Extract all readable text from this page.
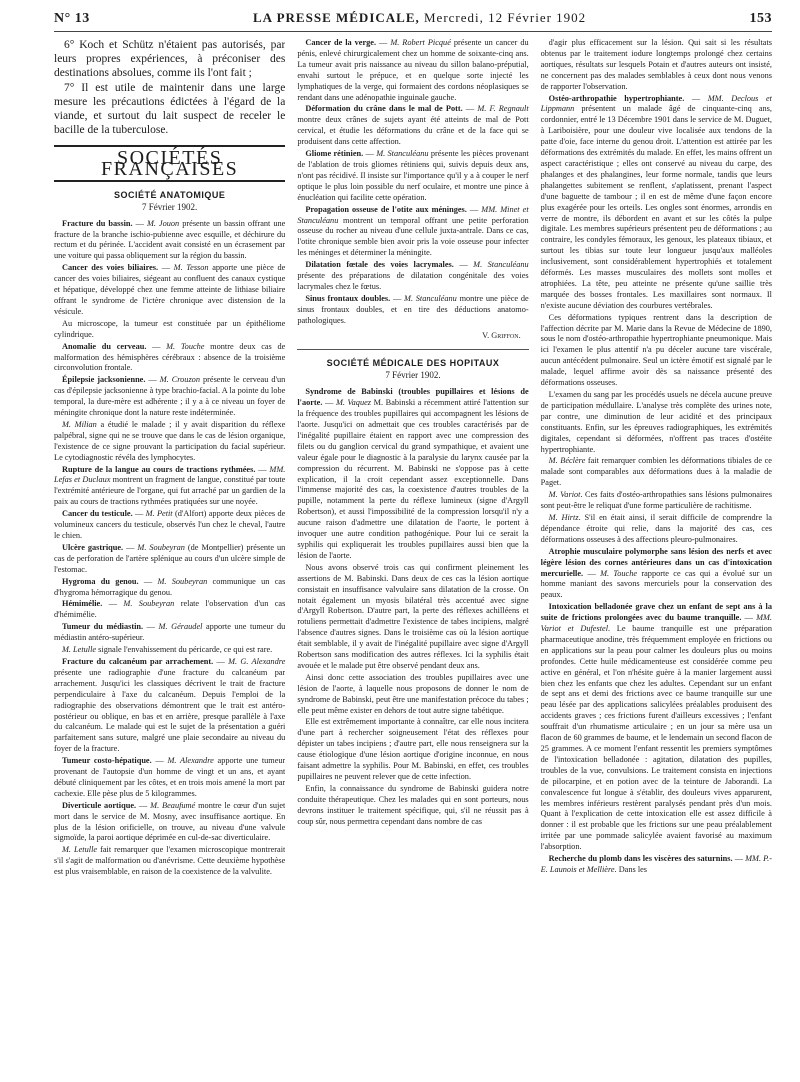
N° 13	LA PRESSE MÉDICALE, Mercredi, 12 Février 1902	153

6° Koch et Schütz n'étaient pas autorisés, par leurs propres expériences, à préconiser des destinations absolues, comme ils l'ont fait ;

7° Il est utile de maintenir dans une large mesure les précautions édictées à l'égard de la viande, et surtout du lait suspect de receler le bacille de la tuberculose.

SOCIÉTÉS FRANÇAISES
SOCIÉTÉ ANATOMIQUE
7 Février 1902.

Fracture du bassin. — M. Jouon présente un bassin offrant une fracture de la branche ischio-pubienne avec esquille, et déchirure du rectum et du périnée. L'accident avait consisté en un écrasement par une voiture qui passa obliquement sur la région du bassin.

Cancer des voies biliaires. — M. Tesson apporte une pièce de cancer des voies biliaires, siégeant au confluent des canaux cystique et hépatique, développé chez une femme atteinte de lithiase biliaire offrant le syndrome de l'ictère chronique avec distension de la vésicule.

Au microscope, la tumeur est constituée par un épithéliome cylindrique.

Anomalie du cerveau. — M. Touche montre deux cas de malformation des hémisphères cérébraux : absence de la troisième circonvolution frontale.

Épilepsie jacksonienne. — M. Crouzon présente le cerveau d'un cas d'épilepsie jacksonienne à type brachio-facial. A la pointe du lobe temporal, la dure-mère est adhérente ; il y a à ce niveau un foyer de méningite chronique dont la nature reste indéterminée.

M. Milian a étudié le malade ; il y avait disparition du réflexe palpébral, signe qui ne se trouve que dans le cas de lésion organique, l'existence de ce signe prouvant la participation du facial supérieur. Le cytodiagnostic révéla des lymphocytes.

Rupture de la langue au cours de tractions rythmées. — MM. Lefas et Duclaux montrent un fragment de langue, constitué par toute l'extrémité antérieure de l'organe, qui fut arraché par un gardien de la paix au cours de tractions rythmées pratiquées sur une noyée.

Cancer du testicule. — M. Petit (d'Alfort) apporte deux pièces de volumineux cancers du testicule, observés l'un chez le cheval, l'autre le chien.

Ulcère gastrique. — M. Soubeyran (de Montpellier) présente un cas de perforation de l'artère splénique au cours d'un ulcère simple de l'estomac.

Hygroma du genou. — M. Soubeyran communique un cas d'hygroma hémorragique du genou.

Hémimélie. — M. Soubeyran relate l'observation d'un cas d'hémimélie.

Tumeur du médiastin. — M. Géraudel apporte une tumeur du médiastin antéro-supérieur.

M. Letulle signale l'envahissement du péricarde, ce qui est rare.

Fracture du calcanéum par arrachement. — M. G. Alexandre présente une radiographie d'une fracture du calcanéum par arrachement. Jusqu'ici les classiques décrivent le trait de fracture perpendiculaire à l'axe du calcanéum. Depuis l'emploi de la radiographie des observations démontrent que le trait est antéro-postérieur ou oblique, en bas et en arrière, presque parallèle à l'axe du calcanéum. Le malade qui est le sujet de la présentation a guéri parfaitement sans suture, malgré une plaie secondaire au niveau du foyer de la fracture.

Tumeur costo-hépatique. — M. Alexandre apporte une tumeur provenant de l'autopsie d'un homme de vingt et un ans, et ayant débuté cliniquement par les côtes, et en trois mois amené la mort par cachexie. Elle pèse plus de 5 kilogrammes.

Diverticule aortique. — M. Beaufumé montre le cœur d'un sujet mort dans le service de M. Mosny, avec insuffisance aortique. En plus de la lésion orificielle, on trouve, au niveau d'une valvule sigmoïde, la paroi aortique déprimée en cul-de-sac diverticulaire.

M. Letulle fait remarquer que l'examen microscopique montrerait s'il s'agit de malformation ou d'anévrisme. Cette deuxième hypothèse est plus vraisemblable, en raison de la coexistence de la valvulite.

Cancer de la verge. — M. Robert Picqué présente un cancer du pénis, enlevé chirurgicalement chez un homme de soixante-cinq ans. La tumeur avait pris naissance au niveau du sillon balano-préputial, envahi surtout le prépuce, et en quelque sorte injecté les lymphatiques de la verge, qui formaient des cordons néoplasiques se rendant dans une adénopathie inguinale gauche.

Déformation du crâne dans le mal de Pott. — M. F. Regnault montre deux crânes de sujets ayant été atteints de mal de Pott cervical, et étudie les déformations du crâne et de la face qui se produisent dans cette affection.

Gliome rétinien. — M. Stanculéanu présente les pièces provenant de l'ablation de trois gliomes rétiniens qui, suivis depuis deux ans, n'ont pas récidivé. Il insiste sur l'importance qu'il y a à couper le nerf optique le plus loin possible du nerf oculaire, et montre une pince à énucléation qui facilite cette opération.

Propagation osseuse de l'otite aux méninges. — MM. Minet et Stanculéanu montrent un temporal offrant une petite perforation osseuse du rocher au niveau d'une cellule juxta-antrale. Dans ce cas, l'otite chronique semble bien avoir pris la voie osseuse pour infecter les méninges et déterminer la méningite.

Dilatation fœtale des voies lacrymales. — M. Stanculéanu présente des préparations de dilatation congénitale des voies lacrymales chez le fœtus.

Sinus frontaux doubles. — M. Stanculéanu montre une pièce de sinus frontaux doubles, et en tire des déductions anatomo-pathologiques.

V. Griffon.
SOCIÉTÉ MÉDICALE DES HOPITAUX
7 Février 1902.

Syndrome de Babinski (troubles pupillaires et lésions de l'aorte. — M. Vaquez M. Babinski a récemment attiré l'attention sur la fréquence des troubles pupillaires qui accompagnent les lésions de l'aorte. Jusqu'ici on admettait que ces troubles caractérisés par de l'inégalité pupillaire étaient en rapport avec une compression des filets ou du ganglion cervical du grand sympathique, et avaient une valeur égale pour le diagnostic à la paralysie du larynx causée par la compression du récurrent. M. Babinski ne s'oppose pas à cette explication, il la croit cependant assez exceptionnelle. Dans l'immense majorité des cas, la coexistence d'autres troubles de la pupille, notamment la perte du réflexe lumineux (signe d'Argyll Robertson), et aussi l'impossibilité de la compression lorsqu'il n'y a aucune raison d'admettre une dilatation de l'aorte, le portent à invoquer une autre condition pathogénique. Pour lui ce serait la syphilis qui expliquerait les troubles pupillaires aussi bien que la lésion de l'aorte.

Nous avons observé trois cas qui confirment pleinement les assertions de M. Babinski. Dans deux de ces cas la lésion aortique consistait en insuffisance valvulaire sans dilatation de la crosse. On notait également un myosis bilatéral très accentué avec signe d'Argyll Robertson. D'autre part, la perte des réflexes achilléens et rotuliens permettait d'admettre l'existence de tabes incipiens, malgré l'absence d'autres signes. Dans le troisième cas où la lésion aortique était semblable, il y avait de l'inégalité pupillaire avec signe d'Argyll Robertson sans modification des autres réflexes. Ici la syphilis était avouée et le malade put être observé pendant deux ans.

Ainsi donc cette association des troubles pupillaires avec une lésion de l'aorte, à laquelle nous proposons de donner le nom de syndrome de Babinski, peut être une manifestation précoce du tabes ; elle peut même exister en dehors de tout autre signe tabétique.

Elle est extrêmement importante à connaître, car elle nous incitera d'une part à rechercher soigneusement l'état des réflexes pour dépister un tabes incipiens ; d'autre part, elle nous renseignera sur la cause étiologique d'une lésion aortique d'origine inconnue, en nous faisant admettre la syphilis. Pour M. Babinski, en effet, ces troubles pupillaires ne peuvent relever que de cette infection.

Enfin, la connaissance du syndrome de Babinski guidera notre conduite thérapeutique. Chez les malades qui en sont porteurs, nous devrons instituer le traitement spécifique, qui, s'il ne réussit pas à coup sûr, nous permettra cependant dans nombre de cas

d'agir plus efficacement sur la lésion. Qui sait si les résultats obtenus par le traitement iodure longtemps prolongé chez certains aortiques, résultats sur lesquels Potain et d'autres auteurs ont insisté, ne concernent pas des malades semblables à ceux dont nous venons de rapporter l'observation.

Ostéo-arthropathie hypertrophiante. — MM. Declous et Lippmann présentent un malade âgé de cinquante-cinq ans, cordonnier, entré le 13 Décembre 1901 dans le service de M. Duguet, à Lariboisière, pour une douleur vive localisée aux tendons de la patte d'oie, face interne du genou droit. L'attention est attirée par les déformations des extrémités du malade. En effet, les mains offrent un aspect caractéristique ; elles ont conservé au niveau du carpe, des phalanges et des phalangines, leur forme normale, tandis que leurs phalangettes subitement se renflent, s'aplatissent, prenant l'aspect d'une baguette de tambour ; il en est de même d'une façon encore plus exagérée pour les orteils. Les ongles sont énormes, arrondis en verre de montre, ils débordent en avant et sur les côtés la pulpe digitale. Les membres supérieurs présentent peu de déformations ; au contraire, les condyles fémoraux, les genoux, les plateaux tibiaux, et surtout les tibias sur toute leur longueur jusqu'aux malléoles inclusivement, sont considérablement hypertrophiés et totalement déformés. Les masses musculaires des mollets sont molles et atrophiées. La tête, peu atteinte ne présente qu'une saillie très marquée des bosses frontales. Les maxillaires sont normaux. Il n'existe aucune déviation des courbures vertébrales.

Ces déformations typiques rentrent dans la description de l'affection décrite par M. Marie dans la Revue de Médecine de 1890, sous le nom d'ostéo-arthropathie hypertrophiante pneumonique. Mais ici l'examen le plus attentif n'a pu déceler aucune tare viscérale, aucun antécédent pulmonaire. Seul un ictère émotif est signalé par le malade, lequel affirme avoir dès sa naissance présenté des déformations osseuses.

L'examen du sang par les procédés usuels ne décela aucune preuve de participation médullaire. L'analyse très complète des urines note, par contre, une diminution de leur acidité et des principaux constituants. Enfin, sur les épreuves radiographiques, les extrémités digitales, cependant si déformées, n'offrent pas traces d'ostéite hypertrophiante.

M. Béclère fait remarquer combien les déformations tibiales de ce malade sont comparables aux déformations dues à la maladie de Paget.

M. Variot. Ces faits d'ostéo-arthropathies sans lésions pulmonaires sont peut-être le reliquat d'une forme particulière de rachitisme.

M. Hirtz. S'il en était ainsi, il serait difficile de comprendre la dépendance étroite qui relie, dans la majorité des cas, ces déformations osseuses à des affections pleuro-pulmonaires.

Atrophie musculaire polymorphe sans lésion des nerfs et avec légère lésion des cornes antérieures dans un cas d'intoxication mercurielle. — M. Touche rapporte ce cas qui a évolué sur un homme maniant des savons mercuriels pour la conservation des peaux.

Intoxication belladonée grave chez un enfant de sept ans à la suite de frictions prolongées avec du baume tranquille. — MM. Variot et Dufestel. Le baume tranquille est une préparation pharmaceutique anodine, très fréquemment employée en frictions ou en applications sur la peau pour calmer les douleurs plus ou moins profondes. Cette huile médicamenteuse est considérée comme peu active en général, et l'on n'hésite guère à la manier largement aussi bien chez les enfants que chez les adultes. Cependant sur un enfant de sept ans et demi des frictions avec ce baume tranquille sur une peau lésée par des applications salicylées préalables produisent des accidents graves ; ces frictions furent d'ailleurs excessives ; l'enfant souffrait d'un rhumatisme articulaire ; en un jour sa mère usa un flacon de 60 grammes de baume, et le lendemain un second flacon de 25 grammes. A ce moment l'enfant ressentit les premiers symptômes de l'intoxication belladonée : agitation, dilatation des pupilles, troubles de la vue, convulsions. Le traitement consista en injections de pilocarpine, et en potion avec de la teinture de Jaborandi. La convalescence fut longue à s'établir, des douleurs vives apparurent, les membres inférieurs restèrent paralysés pendant près d'un mois. Quant à l'explication de cette intoxication elle est assez difficile à donner : il est probable que les frictions sur une peau préalablement irritée par une pommade salicylée avaient favorisé au maximum l'absorption.

Recherche du plomb dans les viscères des saturnins. — MM. P.-E. Launois et Mellière. Dans les
